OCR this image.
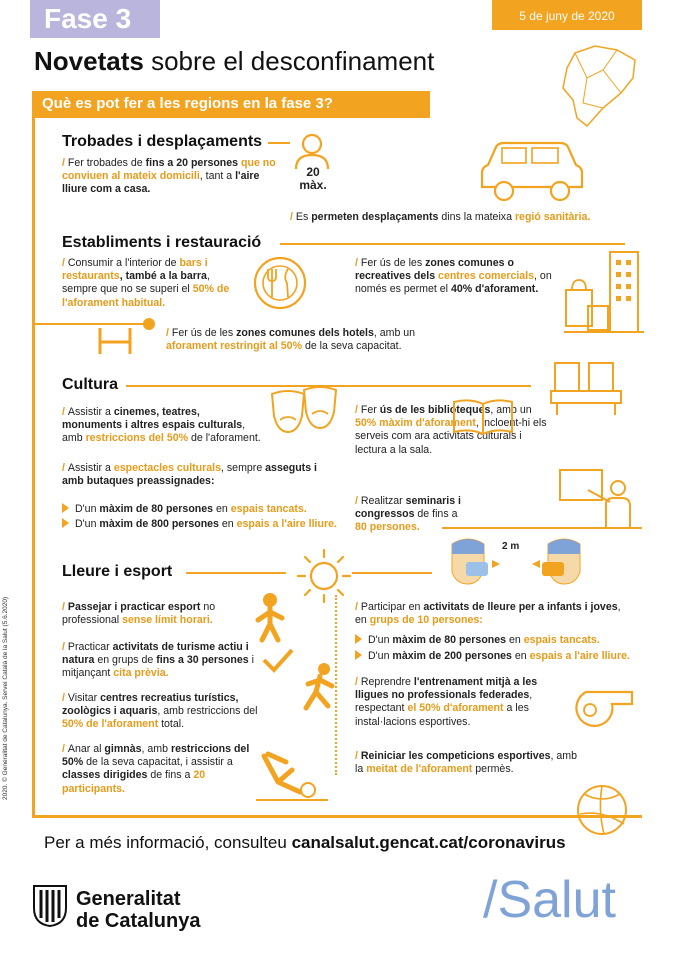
Fase 3	5 de juny de 2020
Novetats sobre el desconfinament
Què es pot fer a les regions en la fase 3?
Trobades i desplaçaments
/ Fer trobades de fins a 20 persones que no conviuen al mateix domicili, tant a l'aire lliure com a casa.
20
màx.
/ Es permeten desplaçaments dins la mateixa regió sanitària.
Establiments i restauració
/ Consumir a l'interior de bars i restaurants, també a la barra, sempre que no se superi el 50% de l'aforament habitual.
/ Fer ús de les zones comunes o recreatives dels centres comercials, on només es permet el 40% d'aforament.
/ Fer ús de les zones comunes dels hotels, amb un aforament restringit al 50% de la seva capacitat.
Cultura
/ Assistir a cinemes, teatres, monuments i altres espais culturals, amb restriccions del 50% de l'aforament.
/ Assistir a espectacles culturals, sempre asseguts i amb butaques preassignades:
D'un màxim de 80 persones en espais tancats.
D'un màxim de 800 persones en espais a l'aire lliure.
/ Fer ús de les biblioteques, amb un 50% màxim d'aforament, incloent-hi els serveis com ara activitats culturals i lectura a la sala.
/ Realitzar seminaris i congressos de fins a 80 persones.
2 m
Lleure i esport
/ Passejar i practicar esport no professional sense límit horari.
/ Practicar activitats de turisme actiu i natura en grups de fins a 30 persones i mitjançant cita prèvia.
/ Visitar centres recreatius turístics, zoològics i aquaris, amb restriccions del 50% de l'aforament total.
/ Anar al gimnàs, amb restriccions del 50% de la seva capacitat, i assistir a classes dirigides de fins a 20 participants.
/ Participar en activitats de lleure per a infants i joves, en grups de 10 persones:
D'un màxim de 80 persones en espais tancats.
D'un màxim de 200 persones en espais a l'aire lliure.
/ Reprendre l'entrenament mitjà a les lligues no professionals federades, respectant el 50% d'aforament a les instal·lacions esportives.
/ Reiniciar les competicions esportives, amb la meitat de l'aforament permès.
2020. © Generalitat de Catalunya. Servei Català de la Salut (5.6.2020)
Per a més informació, consulteu canalsalut.gencat.cat/coronavirus
Generalitat
de Catalunya	/Salut
